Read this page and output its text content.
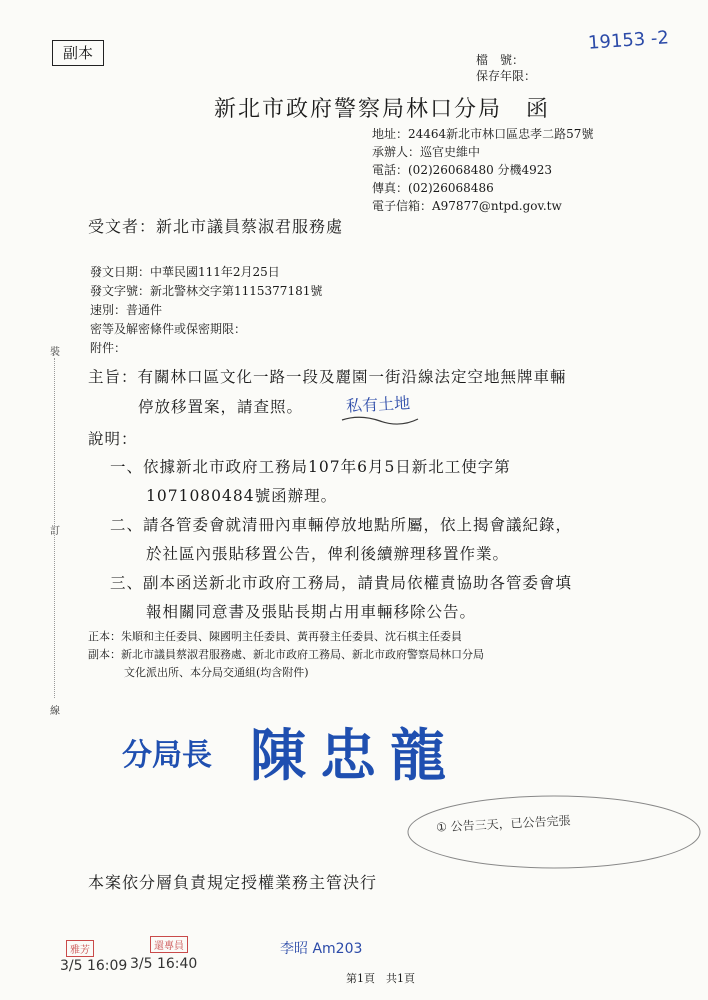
副本	19153 -2
檔　號：
保存年限：
新北市政府警察局林口分局　函
地址：24464新北市林口區忠孝二路57號
承辦人：巡官史維中
電話：(02)26068480 分機4923
傳真：(02)26068486
電子信箱：A97877@ntpd.gov.tw
受文者：新北市議員蔡淑君服務處
發文日期：中華民國111年2月25日
發文字號：新北警林交字第1115377181號
速別：普通件
密等及解密條件或保密期限：
附件：
裝
訂
線
主旨：有關林口區文化一路一段及麗園一街沿線法定空地無牌車輛
停放移置案，請查照。	私有土地
說明：
一、依據新北市政府工務局107年6月5日新北工使字第
1071080484號函辦理。
二、請各管委會就清冊內車輛停放地點所屬，依上揭會議紀錄，
於社區內張貼移置公告，俾利後續辦理移置作業。
三、副本函送新北市政府工務局，請貴局依權責協助各管委會填
報相關同意書及張貼長期占用車輛移除公告。
正本：朱順和主任委員、陳國明主任委員、黃再發主任委員、沈石棋主任委員
副本：新北市議員蔡淑君服務處、新北市政府工務局、新北市政府警察局林口分局
文化派出所、本分局交通組(均含附件)
分局長 陳忠龍
① 公告三天，已公告完張
本案依分層負責規定授權業務主管決行
雅芳	還專員
3/5 16:09 3/5 16:40
李昭 Am203
第1頁　共1頁
